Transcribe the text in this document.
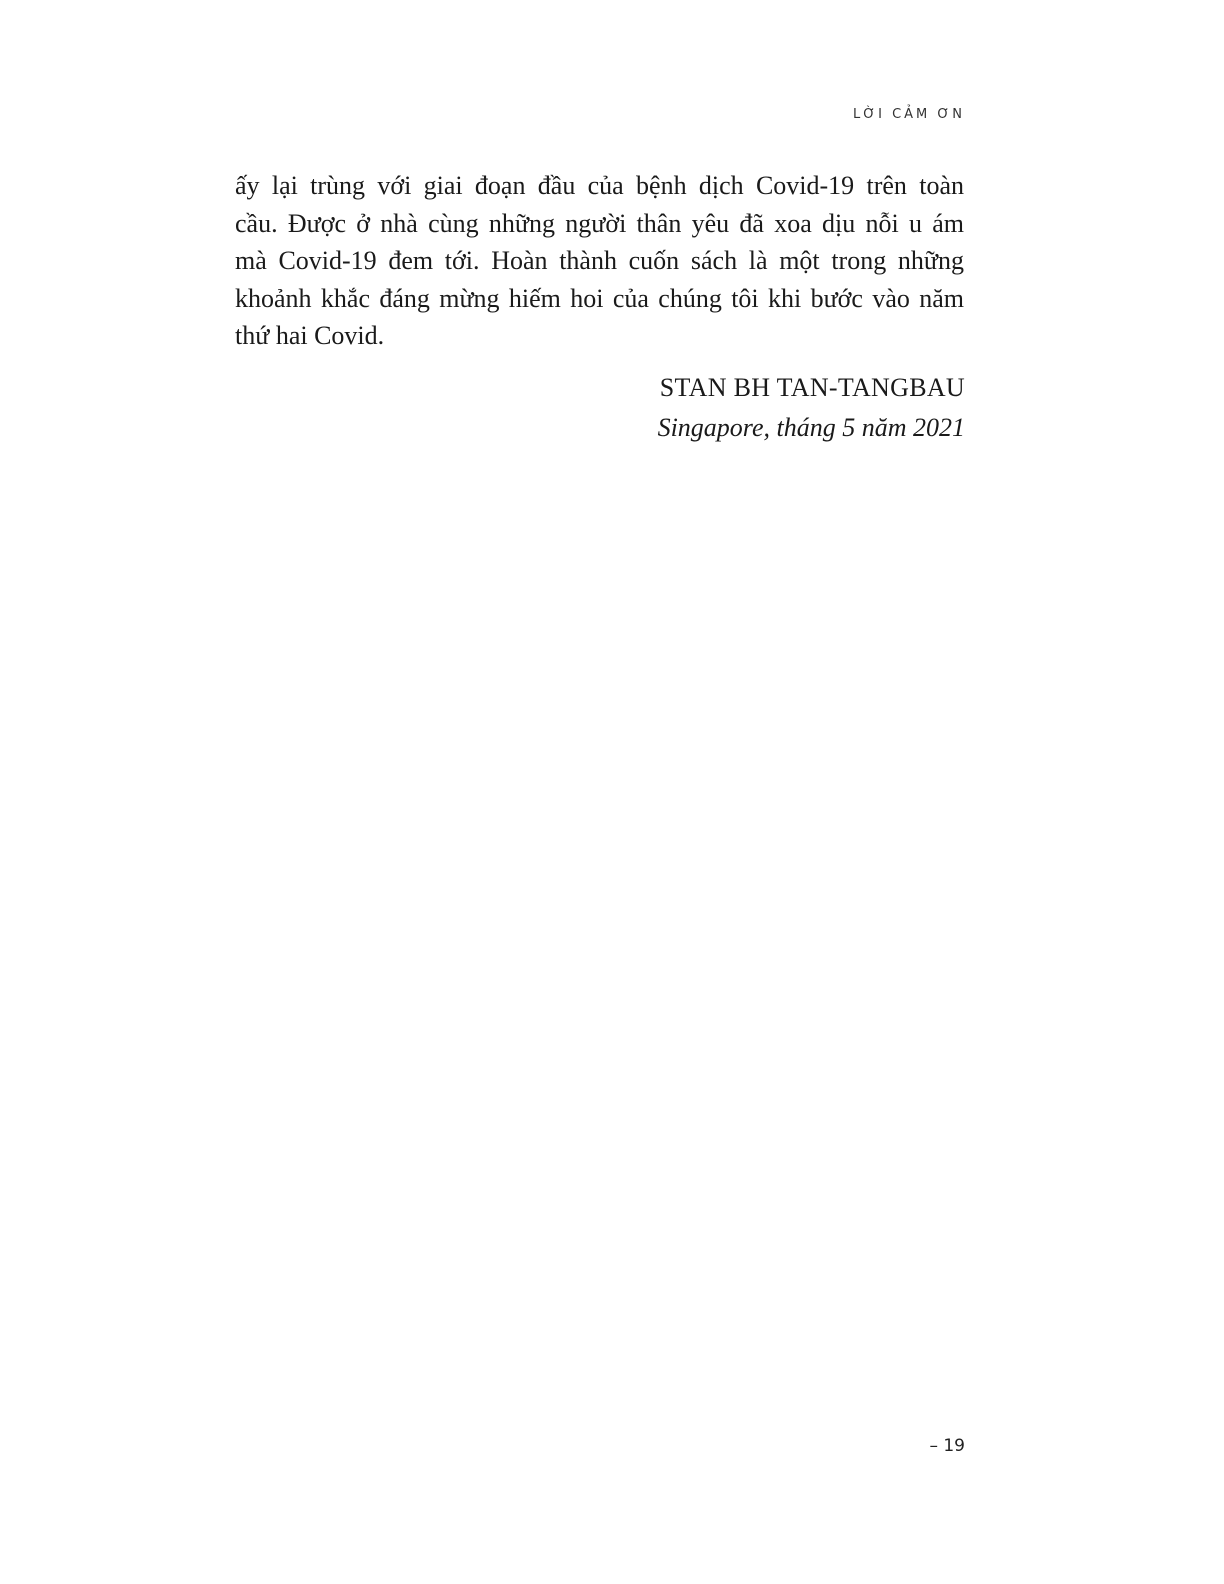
LỜI CẢM ƠN
ấy lại trùng với giai đoạn đầu của bệnh dịch Covid-19 trên toàn
cầu. Được ở nhà cùng những người thân yêu đã xoa dịu nỗi u ám
mà Covid-19 đem tới. Hoàn thành cuốn sách là một trong những
khoảnh khắc đáng mừng hiếm hoi của chúng tôi khi bước vào năm
thứ hai Covid.
STAN BH TAN-TANGBAU
Singapore, tháng 5 năm 2021
– 19
